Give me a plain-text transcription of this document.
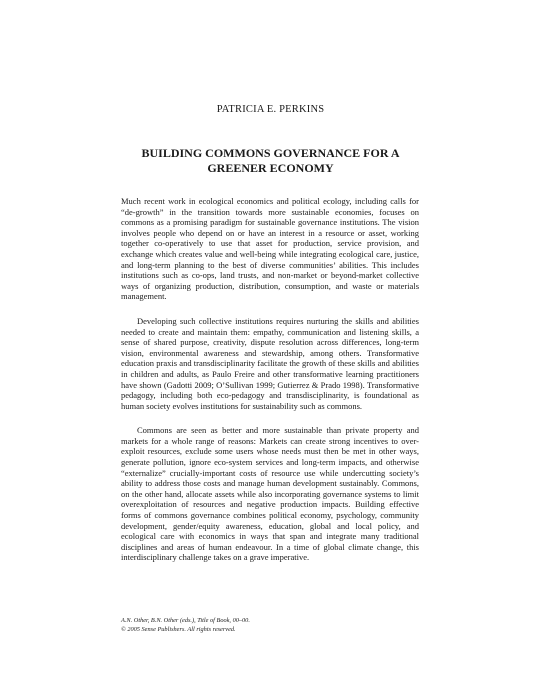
PATRICIA E. PERKINS
BUILDING COMMONS GOVERNANCE FOR A
GREENER ECONOMY

Much recent work in ecological economics and political ecology, including calls for “de-growth” in the transition towards more sustainable economies, focuses on commons as a promising paradigm for sustainable governance institutions. The vision involves people who depend on or have an interest in a resource or asset, working together co-operatively to use that asset for production, service provision, and exchange which creates value and well-being while integrating ecological care, justice, and long-term planning to the best of diverse communities’ abilities. This includes institutions such as co-ops, land trusts, and non-market or beyond-market collective ways of organizing production, distribution, consumption, and waste or materials management.

Developing such collective institutions requires nurturing the skills and abilities needed to create and maintain them: empathy, communication and listening skills, a sense of shared purpose, creativity, dispute resolution across differences, long-term vision, environmental awareness and stewardship, among others. Transformative education praxis and transdisciplinarity facilitate the growth of these skills and abilities in children and adults, as Paulo Freire and other transformative learning practitioners have shown (Gadotti 2009; O’Sullivan 1999; Gutierrez & Prado 1998). Transformative pedagogy, including both eco-pedagogy and transdisciplinarity, is foundational as human society evolves institutions for sustainability such as commons.

Commons are seen as better and more sustainable than private property and markets for a whole range of reasons: Markets can create strong incentives to over-exploit resources, exclude some users whose needs must then be met in other ways, generate pollution, ignore eco-system services and long-term impacts, and otherwise “externalize” crucially-important costs of resource use while undercutting society’s ability to address those costs and manage human development sustainably. Commons, on the other hand, allocate assets while also incorporating governance systems to limit overexploitation of resources and negative production impacts. Building effective forms of commons governance combines political economy, psychology, community development, gender/equity awareness, education, global and local policy, and ecological care with economics in ways that span and integrate many traditional disciplines and areas of human endeavour. In a time of global climate change, this interdisciplinary challenge takes on a grave imperative.

A.N. Other, B.N. Other (eds.), Title of Book, 00–00.
© 2005 Sense Publishers. All rights reserved.
